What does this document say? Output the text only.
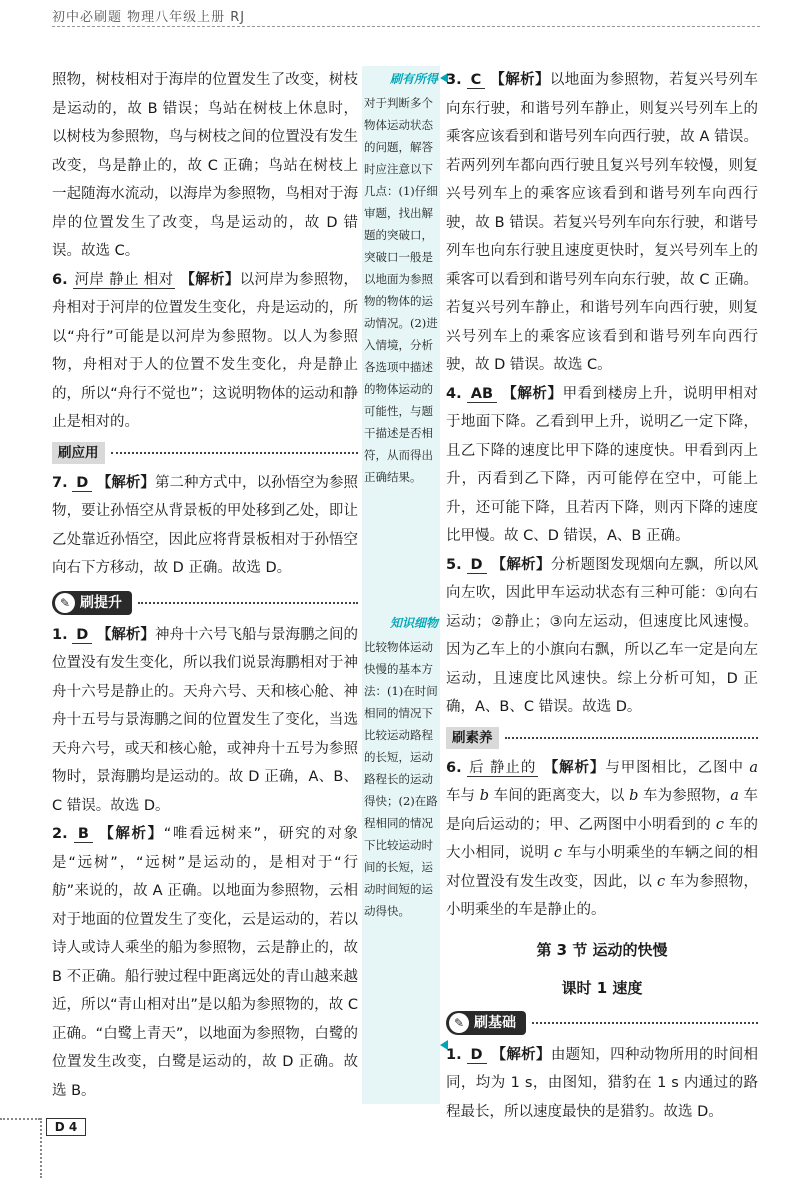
初中必刷题 物理八年级上册 RJ
照物，树枝相对于海岸的位置发生了改变，树枝是运动的，故 B 错误；鸟站在树枝上休息时，以树枝为参照物，鸟与树枝之间的位置没有发生改变，鸟是静止的，故 C 正确；鸟站在树枝上一起随海水流动，以海岸为参照物，鸟相对于海岸的位置发生了改变，鸟是运动的，故 D 错误。故选 C。
6. 河岸 静止 相对 【解析】以河岸为参照物，舟相对于河岸的位置发生变化，舟是运动的，所以“舟行”可能是以河岸为参照物。以人为参照物，舟相对于人的位置不发生变化，舟是静止的，所以“舟行不觉也”；这说明物体的运动和静止是相对的。
刷应用
7. D 【解析】第二种方式中，以孙悟空为参照物，要让孙悟空从背景板的甲处移到乙处，即让乙处靠近孙悟空，因此应将背景板相对于孙悟空向右下方移动，故 D 正确。故选 D。
✎ 刷提升
1. D 【解析】神舟十六号飞船与景海鹏之间的位置没有发生变化，所以我们说景海鹏相对于神舟十六号是静止的。天舟六号、天和核心舱、神舟十五号与景海鹏之间的位置发生了变化，当选天舟六号，或天和核心舱，或神舟十五号为参照物时，景海鹏均是运动的。故 D 正确，A、B、C 错误。故选 D。
2. B 【解析】“唯看远树来”，研究的对象是“远树”，“远树”是运动的，是相对于“行舫”来说的，故 A 正确。以地面为参照物，云相对于地面的位置发生了变化，云是运动的，若以诗人或诗人乘坐的船为参照物，云是静止的，故 B 不正确。船行驶过程中距离远处的青山越来越近，所以“青山相对出”是以船为参照物的，故 C 正确。“白鹭上青天”，以地面为参照物，白鹭的位置发生改变，白鹭是运动的，故 D 正确。故选 B。
刷有所得
对于判断多个物体运动状态的问题，解答时应注意以下几点：(1)仔细审题，找出解题的突破口，突破口一般是以地面为参照物的物体的运动情况。(2)进入情境，分析各选项中描述的物体运动的可能性，与题干描述是否相符，从而得出正确结果。
知识细物
比较物体运动快慢的基本方法：(1)在时间相同的情况下比较运动路程的长短，运动路程长的运动得快；(2)在路程相同的情况下比较运动时间的长短，运动时间短的运动得快。
3. C 【解析】以地面为参照物，若复兴号列车向东行驶，和谐号列车静止，则复兴号列车上的乘客应该看到和谐号列车向西行驶，故 A 错误。若两列列车都向西行驶且复兴号列车较慢，则复兴号列车上的乘客应该看到和谐号列车向西行驶，故 B 错误。若复兴号列车向东行驶，和谐号列车也向东行驶且速度更快时，复兴号列车上的乘客可以看到和谐号列车向东行驶，故 C 正确。若复兴号列车静止，和谐号列车向西行驶，则复兴号列车上的乘客应该看到和谐号列车向西行驶，故 D 错误。故选 C。
4. AB 【解析】甲看到楼房上升，说明甲相对于地面下降。乙看到甲上升，说明乙一定下降，且乙下降的速度比甲下降的速度快。甲看到丙上升，丙看到乙下降，丙可能停在空中，可能上升，还可能下降，且若丙下降，则丙下降的速度比甲慢。故 C、D 错误，A、B 正确。
5. D 【解析】分析题图发现烟向左飘，所以风向左吹，因此甲车运动状态有三种可能：①向右运动；②静止；③向左运动，但速度比风速慢。因为乙车上的小旗向右飘，所以乙车一定是向左运动，且速度比风速快。综上分析可知，D 正确，A、B、C 错误。故选 D。
刷素养
6. 后 静止的 【解析】与甲图相比，乙图中 a 车与 b 车间的距离变大，以 b 车为参照物，a 车是向后运动的；甲、乙两图中小明看到的 c 车的大小相同，说明 c 车与小明乘坐的车辆之间的相对位置没有发生改变，因此，以 c 车为参照物，小明乘坐的车是静止的。
第 3 节 运动的快慢
课时 1 速度
✎ 刷基础
1. D 【解析】由题知，四种动物所用的时间相同，均为 1 s，由图知，猎豹在 1 s 内通过的路程最长，所以速度最快的是猎豹。故选 D。
D 4
